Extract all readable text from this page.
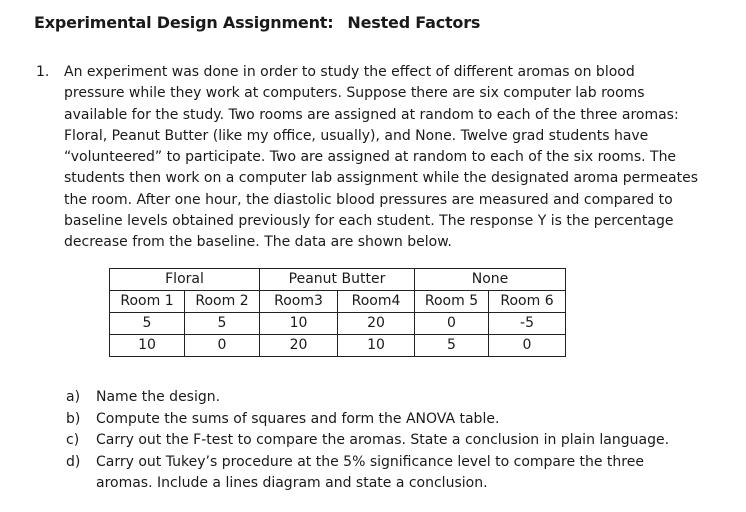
Experimental Design Assignment: Nested Factors
1. An experiment was done in order to study the effect of different aromas on blood
pressure while they work at computers. Suppose there are six computer lab rooms
available for the study. Two rooms are assigned at random to each of the three aromas:
Floral, Peanut Butter (like my office, usually), and None. Twelve grad students have
“volunteered” to participate. Two are assigned at random to each of the six rooms. The
students then work on a computer lab assignment while the designated aroma permeates
the room. After one hour, the diastolic blood pressures are measured and compared to
baseline levels obtained previously for each student. The response Y is the percentage
decrease from the baseline. The data are shown below.
Floral		Peanut Butter		None	
Room 1	Room 2	Room3	Room4	Room 5	Room 6
5	5	10	20	0	-5
10	0	20	10	5	0
a) Name the design.
b) Compute the sums of squares and form the ANOVA table.
c) Carry out the F-test to compare the aromas. State a conclusion in plain language.
d) Carry out Tukey’s procedure at the 5% significance level to compare the three
aromas. Include a lines diagram and state a conclusion.
